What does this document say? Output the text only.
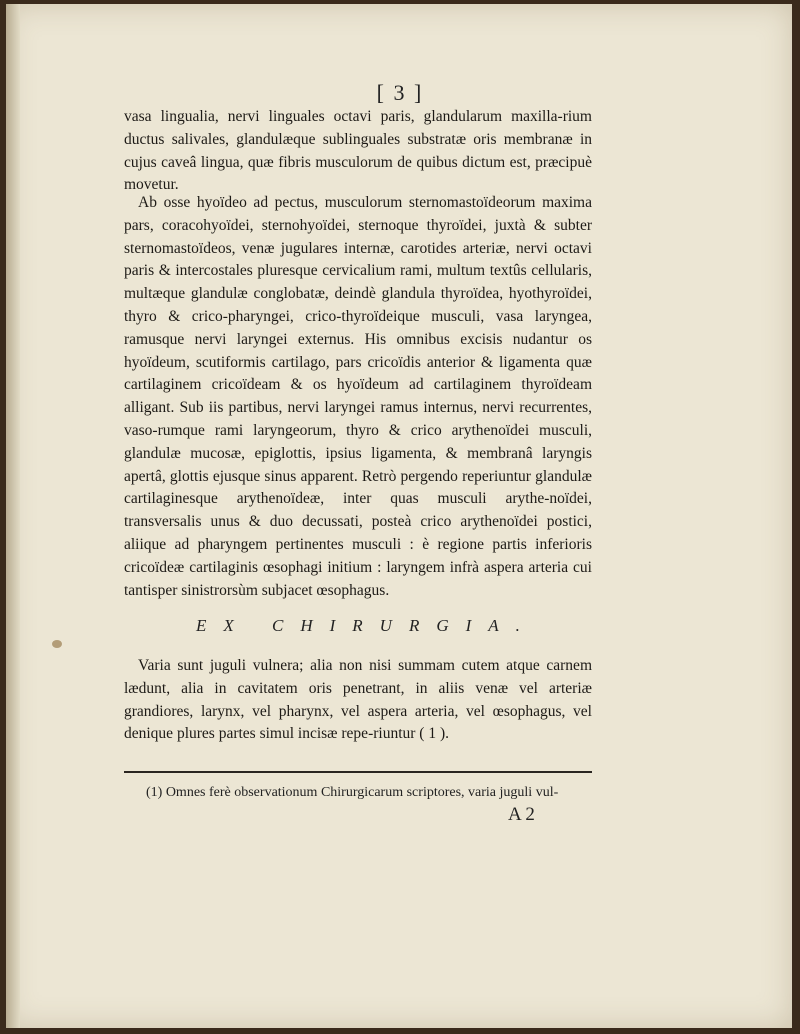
[ 3 ]
vasa lingualia, nervi linguales octavi paris, glandularum maxilla-rium ductus salivales, glandulæque sublinguales substratæ oris membranæ in cujus caveâ lingua, quæ fibris musculorum de quibus dictum est, præcipuè movetur.
Ab osse hyoïdeo ad pectus, musculorum sternomastoïdeorum maxima pars, coracohyoïdei, sternohyoïdei, sternoque thyroïdei, juxtà & subter sternomastoïdeos, venæ jugulares internæ, carotides arteriæ, nervi octavi paris & intercostales pluresque cervicalium rami, multum textûs cellularis, multæque glandulæ conglobatæ, deindè glandula thyroïdea, hyothyroïdei, thyro & crico-pharyngei, crico-thyroïdeique musculi, vasa laryngea, ramusque nervi laryngei externus. His omnibus excisis nudantur os hyoïdeum, scutiformis cartilago, pars cricoïdis anterior & ligamenta quæ cartilaginem cricoïdeam & os hyoïdeum ad cartilaginem thyroïdeam alligant. Sub iis partibus, nervi laryngei ramus internus, nervi recurrentes, vaso-rumque rami laryngeorum, thyro & crico arythenoïdei musculi, glandulæ mucosæ, epiglottis, ipsius ligamenta, & membranâ laryngis apertâ, glottis ejusque sinus apparent. Retrò pergendo reperiuntur glandulæ cartilaginesque arythenoïdeæ, inter quas musculi arythe-noïdei, transversalis unus & duo decussati, posteà crico arythenoïdei postici, aliique ad pharyngem pertinentes musculi : è regione partis inferioris cricoïdeæ cartilaginis œsophagi initium : laryngem infrà aspera arteria cui tantisper sinistrorsùm subjacet œsophagus.
EX CHIRURGIA.
Varia sunt juguli vulnera; alia non nisi summam cutem atque carnem lædunt, alia in cavitatem oris penetrant, in aliis venæ vel arteriæ grandiores, larynx, vel pharynx, vel aspera arteria, vel œsophagus, vel denique plures partes simul incisæ repe-riuntur ( 1 ).
(1) Omnes ferè observationum Chirurgicarum scriptores, varia juguli vul-
A 2
